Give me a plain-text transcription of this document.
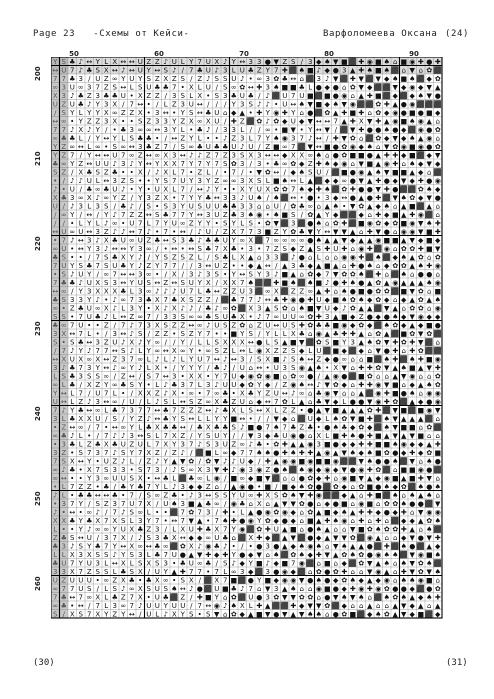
Page 23 -Схемы от Кейси-	Варфоломеева Оксана (24)
50	60	70	80	90
200
210
220
230
240
250
260
Y S ♣ ♪ ↔ Y L X ↔ ↔ U Z Z ♪ U L Y 7 U X ♪ Y ↔ 3 3 ● ▼ Z S / 3 ◆ ♠ ▼ ■ ⬛ ✚ ◉ ■ ♠ ⌂ ■ ◉ ✚ ● ✚
↔ U 7 ♪ ♣ S X ↔ ♪ ↔ U Y ↔ S ♪ / 7 ♣ U ♪ 3 L U ♣ Z Y 7 ✚ ⬛ ♠ ■ ♪ ◆ ● 3 ▲ ✚ ♠ ■ ♠ ⬛ ⌂ ▼ ⌂ ✿ ⬛
7 7 ♣ 3 / U Z ∞ Y U Y S Z X Z S / Z ♪ S S U ♪ • ∞ 3 ✿ ♣ ↔ ⌂ ⬛ 3 ♪ ▼ ⬛ ✚ ▼ ⬛ ▼ ◆ ♠ ■ ♠ ⬛ ◆ ✿
∞ 3 U ∞ 3 7 Z S ↔ L S U ♣ ♣ 7 • X L U / S ∞ ✿ ↔ ✚ 3 ♠ ■ ■ ♣ L ● ◆ ● ⌂ ✿ ▼ ◆ ⬛ ⬛ ▼ ◆ ◉ ◆ ▼ ▲
X 3 ♪ ♣ Z 3 ♣ ♣ U • X Z Z / 3 S L X • S 3 ♣ U ♣ / ♪ ⬛ U 7 U ■ ⬛ ■ ● ◉ ⌂ ▲ ✚ ■ ⬛ ◆ ⬛ ◆ ♠ ▼ ●
U Z U ♣ ♪ Y 3 X / 7 ↔ • / L Z 3 U ↔ / / / Y 3 S ♪ ♪ • U ↔ ♠ ▼ ■ ◆ ♠ ▼ ◉ ⬛ ⬛ ✿ ✚ ▲ ● ◉ ⬛ ⬛ ⬛
/ S Y L Y Y X ∞ Z Z X • 3 ↔ • Y S ↔ ♣ U ⌂ ◆ ▲ • ✚ Y ◉ ✚ Y ⌂ ● ⬛ ✿ ▲ ✚ ■ ✚ ⌂ ✿ ◆ ◉ ● ■ ● ■ ◆
↔ ∞ • Y Z Z 3 X • • S Z 3 3 Y Z X ∞ X U / ✚ Z ⬛ ✿ ♪ ✿ ◆ U ◆ ▼ ↔ ↔ 7 ▲ ✚ X ▼ ✚ ▲ ◉ ■ ♠ ◉ ▲ ⌂
7 7 ♪ X ♪ Y / • ♣ 3 ∞ ∞ ↔ 3 Y L • ♣ ♪ / 3 3 L / / ∞ • ■ ▼ • Y ↔ ▼ / ⬛ ▼ ✚ ● ● ♠ ● ◆ ⬛ ◉ ● ✿
∞ ♣ ♣ L / Y ↔ Y L S ♣ ♣ • / ↔ Z Y L • • ♪ Z 3 L 7 Y ♠ ◉ 3 7 ♪ ↔ / ✚ ▼ ✿ ⌂ ⬛ ✿ ◆ ▼ ◆ ♠ ▲ ◉ ⌂
Y Z ∞ ↔ L ∞ • S ∞ ↔ 3 ♣ Z 7 / S ∞ ♣ U ♣ ♣ U ♪ U / Z ■ ∞ 7 ⬛ ▼ ↔ ■ ● ✿ ◉ ◆ ♠ ⌂ ▼ ✿ ◉ ■ ◉ ● ✿
Y Z 7 / Y ↔ ↔ U 7 ∞ Z ↔ ∞ X 3 ↔ ♪ ♪ Z 7 Z 3 S X 3 ↔ ↔ ◆ X X ∞ ♠ ⌂ ● ✿ ■ ■ ● ▲ ✚ ✚ ◆ ■ ⬛ ◆ ▼
♣ ∞ Y Z ↔ U U ♪ 3 ♪ Y ↔ Y X X 7 Y 7 Y 7 S ✿ 3 / 3 • ♣ ∞ ✿ ◆ Z ✚ ♠ ◆ ◉ ⌂ ▼ ■ ▲ ◉ ✚ ⌂ ♠ ◆ ▼ ◆
S Z / X ♣ S Z ♣ • • X / ♪ X L 7 • Z L / • 7 / • ▼ ✿ ↔ / ◆ ♠ S U / ⬛ ■ ● ◉ ▲ ♠ ▼ ■ ■ ▲ ◆ ⌂ ⬛
• / ♪ ♪ U L ↔ 3 Z S • • Y S 7 U Y 3 Y Z ∞ ∞ 3 X S L ■ ♠ ↔ L ▲ ⬛ ◆ ◆ ∞ ● ▼ ▲ ✚ ● ◆ ▼ ◆ ✚ ● ◉
♪ • U / ♣ ∞ ♣ U ♪ • Y • U X L 7 / ↔ ♪ Y • • X Y U X ✿ ✿ 7 ♠ ◆ ✚ ♠ ⬛ ✿ ✚ ● ● ▼ ✚ ● ⬛ ⬛ ✿ ♠ ◆
X ♣ 3 ∞ X ♪ ∞ Y Z / Y 3 Z X • 7 Y Y ♣ ↔ 3 3 ♪ U ♠ / ♠ ⬛ ↔ • ● • 3 ◆ ↔ ● ▲ ● ✚ ⬛ ▼ ♠ ✿ ◆ ▼ ●
U / ♪ 3 L 3 S / ♣ ♪ / S • S 3 Y U S U U ♣ ♣ 3 3 ⌂ ⌂ U / ✿ ♣ ∞ ⌂ ▲ ♠ • ▼ ✿ ▲ ◆ ♠ ⌂ ▲ ■ ⬛ ▲ ⌂
/ ∞ Y / ↔ / Y ♪ 7 Z Z ↔ S ♣ 7 7 Y ↔ 3 U Z ♣ 3 ♠ ◉ • ♠ ■ S / ✿ ▲ Y ◆ ⬛ ⬛ ◆ ⌂ ✚ ◆ ■ ▲ ✚ ◉ ⬛ ⌂
/ / • L Y L ♪ ∞ • U 7 L 7 Y U ∞ Z Y Y • S Y L S • ✿ ▼ ⬛ 3 ⬛ ● ♠ ⌂ ✿ ✚ ⬛ ■ ◉ ✿ ◆ ✿ ■ ◉ ▼ ♠ ✚
↔ U ∞ U ↔ 3 Z ♪ ♪ ↔ 7 ♪ • 7 • ↔ / ♪ U / Z X 7 7 3 ■ Z Y ✿ ♣ ▼ Y ↔ ▼ ▼ ▲ ⌂ ✚ ▼ ● ⌂ ◉ ◉ ▼ ■ ✚
• 7 ♪ ↔ 3 ♪ X ♣ U ∞ U Z ♣ ↔ S 3 ♣ ♪ ♣ ♣ U Y ∞ X ⬛ 7 ∞ ∞ ∞ ∞ ● ♠ ▲ ▲ ▼ ◆ ▲ ▲ ◉ ■ ■ ▲ ▼ ◆ ■ ◆
∞ U • ↔ Y 3 ♪ ↔ ↔ Y 3 ∞ / • ↔ • ↔ S ♣ 7 X ♣ • 3 • 7 Z S ◆ Z ▲ S ✚ U ✚ ⌂ ◉ ✚ ⬛ ◉ ⌂ ✿ ✿ ✚ ■ ▼
♣ S • • / 7 S ♣ X Y ♪ / Y S Z S Z L / S ♣ L X ▲ ⌂ 3 3 ⬛ ♪ ● ⌂ L ⌂ ⌂ ◉ ◉ ✚ ⬛ ♠ ⬛ ◆ ♠ ▲ ✿ ⌂ ✿
7 U Y S ♣ 7 S U ♣ Y ♪ Z Y 7 7 / / 3 ↔ U Z • • ◆ ▲ ↔ / ▲ 3 ♣ ◆ ▲ ■ ▲ ⌂ ✚ ● ♠ ⌂ ◆ ✿ ✿ ▲ ♠ ✚ ◉
• S ♪ U Y / ∞ 7 ↔ ↔ 3 ∞ • / X / 3 ♪ 3 S • Y ↔ S Y 3 ♪ ■ ▲ ⌂ ✿ ◆ 7 ▼ ✿ ✿ ♠ ⬛ ✚ ⌂ ⬛ ♠ ⌂ ● ● ⌂
7 ♣ ♣ ♪ U X S 3 ↔ Y U S ↔ Z ↔ S U Y X / X X 7 ♠ ⬛ ⬛ ✚ ■ ♠ ⬛ ♠ ■ ♪ ● ✚ ♠ ● ▲ ✿ ▲ ◉ ▲ ▲ ▲ ♠ ◉
↔ ∞ / Y 3 X X X ♣ L 3 ∞ ♪ ♪ ♪ U 7 L ♣ ↔ Z Z U 3 ⬛ ∞ X ⬛ Z Z ∞ ▲ ✚ ⌂ ♠ ● ■ ● ✿ ✿ ⬛ ■ ▼ ✿ ⌂ ■
♣ S 3 3 Y ♪ • ♪ ∞ 7 3 ♣ X 7 ♣ X S Z Z / ⬛ ♣ 7 7 ♪ ↔ ♣ ✚ ◉ ● ✚ U ◆ ■ ♠ ✿ ♠ ◆ ✿ ◆ ⌂ ◆ ▲ ✿ ▲ ♠
∞ • Z ♣ U ∞ X ♪ L 3 Y • X ♪ X ♪ ♪ / ♣ ♪ ∞ ✿ ⬛ X 3 ▲ S ✿ ⌂ ♠ ■ ▼ U ◆ ♪ ✿ ▲ ▲ ⬛ ▼ ▲ ⌂ ✿ ✿ ⌂ ◉
S S • 7 U ♣ ♪ L ↔ Z ∞ 7 / 3 3 S ∞ ∞ ♣ S U ♣ X • ♪ 7 ∞ U U ∞ ✿ ✚ 3 ▲ ■ ◆ Z ● ◆ ● ♠ ◆ ▼ ◉ ◆ ◆
♣ ∞ 7 U • • Z / 7 ♪ 7 3 X S Z Z ↔ ∞ ♪ U S Z ✿ ⌂ Z U ↔ U S ✚ ✿ ♣ ♣ ■ ◉ ◆ ✿ ◆ ⬛ ♠ ✿ ◆ ▲ ◆ ■ ●
3 X ↔ 7 L • / 3 ↔ ♪ S / Z Z • S Z Y 7 • • ■ Y S / Y L L X ♣ ⌂ ◉ ▲ ♣ ✚ ✚ ▲ ⌂ ✿ ▲ ⬛ ■ ✿ ▼ ✿ ⬛
S • S ♣ ↔ 3 Z U ♪ X ♪ Y ∞ / / Y / L L S X X X ↔ ● L S ▲ ■ ▼ ⬛ ✿ S ■ Y 3 ▲ ♠ ✿ ▼ ✚ ✿ ✚ ▼ ⬛ ⌂
/ 7 ♪ Y ♪ 7 7 ↔ S ♪ L Y ∞ ↔ X ∞ Y • ∞ S Z L ↔ L ◉ X Z Z S ◆ L U ⬛ ■ ◆ ⬛ ◆ ⌂ ▼ ● ✚ ⌂ ✚ ✿ ⬛ ⬛
↔ X U X ∞ X ↔ Z 3 7 ∞ L ♪ L ♪ L Y U 7 ↔ ♪ ↔ 3 / S X ■ ♪ S ♠ ↔ Z ◆ ● ∞ ⌂ ⌂ ■ ⬛ ♠ ✚ ⬛ ♠ ✚ ■ ◉
3 ♪ ♣ 7 3 Y ↔ ♪ ∞ Y ♪ L X • / Y Y Y / ♣ ♪ / U ⌂ ↔ • U 3 S ◉ ▲ ♠ • X ▼ ⌂ ✚ ✚ ✿ ▼ ▲ ♠ ■ ▲ ▼ ✚
L S ♣ 3 S S ∞ / Z ↔ / S 7 ↔ 3 • X X • Y 7 U ◆ ◉ ✿ ◉ ■ ⌂ ✿ ∞ ● / ▲ ◉ ● ⬛ ■ ✿ ⌂ ⌂ ▲ ▼ ◉ ⌂ ⌂ ✿
∞ L ♣ / X Z Y ∞ ♣ S Y • L ♪ ♣ 3 7 L 3 ♪ U U ◆ ✿ Y ◆ / Z ◉ ♠ ↔ ♪ ▼ ✿ ◆ ⌂ ✚ ✚ ◉ ▼ ■ ⌂ ◆ ▲ ♠ ✿
Y ↔ L 7 / U 7 L • / X X Z ♪ X • ∞ • 7 ∞ ♣ • X ♣ Y Z U ↔ ♪ ∞ ⌂ ♣ ◉ ▼ ⌂ ⌂ ▲ ⬛ ◉ ✚ ■ ● ♠ ⌂ ◉ ◉
U ↔ L Z ♪ 3 ↔ ∞ / U / L ♪ S L ↔ S Z ∞ X ♣ Z U ⌂ ◆ ↔ 7 ✿ L ▲ ⌂ ♣ ▼ ◆ L ● ● ▼ ◉ ✚ ✿ ⬛ ▲ ◆ ● ◉
7 ♪ Y ♣ ↔ ∞ L ♣ 7 3 7 7 ↔ ♣ 7 Z Z Z ↔ ♪ ♣ X L S ↔ X L Z Z • ● ▲ ▼ ■ ▲ ▲ ▲ ✿ ✚ ⬛ ▼ ■ ⬛ ■ ◉ ▼
3 L ♣ X X U / S / Y Z ♪ ↔ ♣ Y S ↔ L L Y Y ■ ↔ • / / ▼ ◆ ⌂ ⬛ U ◆ L ♠ ✿ ▼ ■ ✚ ⬛ ♠ ▼ ▲ ▲ ▲ ⬛ ⌂
• Z ↔ ∞ / 7 • ↔ ∞ Y L ♣ X ♣ ♣ ↔ / ♣ X ♣ ♣ S ♪ ■ ● 7 ♠ 7 ♣ Z ♣ • ● ♠ ♣ ◆ ✿ ◆ ⬛ ♠ ▼ ■ ■ ⌂ ✿ ⬛
∞ ♣ ♪ L • / 7 ♪ ♪ 3 ↔ S L 7 X Z / Y S U Y / / ▼ 3 ◆ ♣ U ◉ ● ⌂ X L ■ ✚ ♠ ● ✚ ■ ▲ ▼ ▲ ▼ ■ ⌂ ⌂
• 3 ♣ L Z ♣ X ♣ U Z U L 7 X Y 3 7 ♪ S 3 U Z ∞ ♪ ♣ • ✿ ✚ ▲ ▲ ◉ 3 ■ ● ◆ ◆ ✚ ✚ ■ ■ ♠ ◉ ◆ ◆ ▲ ✚
3 Z • S 7 3 7 ♪ S Y 7 X Z / Z ♪ / ⬛ ■ L ∞ ◆ 7 7 ♠ ♠ ● ✚ ♠ ✚ ✚ ▲ ◉ ▲ ▼ ♠ ◆ ♠ ■ ✿ ● ◆ ✚ ◆ ✿ ■
7 S X ↔ Y • U Z ♪ L / Z ♪ Y ▲ ▼ ✿ / ✿ ▼ ♪ ♪ U ◆ / ✚ ▲ ◉ ◉ ■ ◉ ■ ■ ◉ ⬛ ⬛ ▼ ♠ ● ● ♠ ⬛ ▼ ⌂ ♠ ●
∞ ♪ ♣ • X 7 S 3 3 • S 7 3 / ♪ S ∞ X 3 ▼ ✚ ♪ ◉ 3 ◉ Z ● ♠ ⬛ ♠ ◉ ◆ ◉ ◆ ▼ ● ◉ ✚ ✿ ⬛ ⌂ ■ ■ ◉ ● ⬛
∞ ↔ • • Y 3 ∞ U U S X • ↔ ♣ L ⬛ ♣ ∞ L ◉ / ■ ∞ ◆ ■ ▼ ⬛ ⌂ ⌂ ● ✿ ◆ ✚ ⌂ ◉ ■ ▼ ▲ ◆ ◉ ■ ▲ ■ ✚ ▼ ⌂
• L 7 Z Z • ♣ / ♣ Y ♣ 7 Y L ♪ 3 ◆ ◆ Z ⌂ / ▲ ◉ ● • ■ / ■ ◆ ♠ ✿ ● ⬛ ✿ ◆ ⌂ ✿ ■ ● ♠ ◆ ✿ ⬛ ♠ ● ♠
♪ L • ♣ ♣ ↔ ↔ ♣ • 7 / S ∞ Z ♣ • ♪ 3 ↔ S S Y U ∞ ✚ X S ✿ ♠ ▼ ✚ ◉ ⬛ ⬛ ◆ ▲ ⌂ ✚ ■ ⬛ ♠ ⌂ ♠ ▲ ♠ ⌂
• 3 7 Y / S Z 3 7 U 7 X / U ♠ 3 ■ ▲ ♣ ∞ / ◉ ♣ ⌂ X ⌂ ▲ ▼ ▼ ✿ ● ⌂ ◆ ● ■ ⌂ ◉ ■ ⌂ ✿ ✿ ♠ ● ● ⬛ ▼
♪ • ↔ • ∞ ♪ / 7 ♪ S ∞ L • • ⬛ 7 ✿ 7 3 / ✚ • L ▲ ● ◉ ✿ ◉ ◆ ⌂ ✿ ▲ ■ ◆ ♠ ▲ ✚ ✚ ◆ ● ◆ ✚ ⌂ ▼ ◉ ◉
X X ♣ Y ♣ X 7 X S L 3 Y 7 • ↔ 7 ▼ ▲ • 7 ♠ ✚ ● ◉ Y ✿ ◆ ● ◆ ⌂ ■ ▲ ✚ ♠ ◉ ⌂ ✚ ⌂ ✚ ⌂ ⬛ ◆ ◆ ▲ ✿ ♠
L • • Y ♪ ∞ ∞ Y U X ♣ Z 3 / L X U ✚ ♣ X 7 Y ◉ ⬛ ✿ ✚ U ▲ ■ ⌂ ● ♠ ▲ ⌂ ⌂ ▼ ■ ✿ ♠ ✿ ✿ ✚ ▲ ⌂ ♠ ⬛
Z ♣ S ↔ U / 3 7 X / ♪ S 3 ♣ X ↔ ◆ ◆ ∞ U ♣ ⌂ ⬛ X ✚ ◆ ⬛ ▲ ▼ ⬛ ● ◆ ▲ ▼ ▼ ✿ ⬛ ◉ ▲ ⌂ ⌂ ◆ ▼ ● ▼ ✚
♣ 3 ♪ S Y ♣ 7 Y ↔ X ∞ ↔ ♣ ∞ ⬛ ✿ X ♪ ◉ ♣ ♪ • / • ● 3 ● ▲ ◆ ♠ ◉ ♠ ⌂ ▼ ♠ ▲ ▲ ● ⬛ ✚ ⬛ ♠ ● ⬛ ▲ ◆
L L X 3 X S S ♪ Y S 3 L ♣ 7 U ● ▲ ▼ ✚ ◆ ✚ Y ● ◆ ▼ ⌂ ♠ ⬛ ✿ ♠ ◆ ✚ ▼ ▲ ✿ ♠ ✿ ● ◉ ♠ ♠ ⬛ ▼ ◉ ■ ♠
♣ U 7 Y U 3 L ↔ X L S X S 3 • ♣ U ∞ ♣ / S ♪ ◆ Y ■ ♪ ◆ ■ 7 ◉ ⬛ ⌂ ■ ⌂ ◆ ⬛ ✿ ▼ ▲ ♠ ⌂ ♠ ▼ ✿ ♠ ⬛
3 3 X 7 Z S S L ♣ S X / U Y ▲ ✚ 7 7 • 7 L ∞ 3 ◆ ⬛ 3 ● ◉ ◆ ⬛ ⌂ ✿ ● ✿ ✚ ⌂ ⌂ ▼ ◉ ▲ ⌂ ✚ ▼ ✿ ▼ ♠
U Z U U U • ∞ Z X ♣ • ♣ X ∞ • S X / ⬛ X 7 ■ ⬛ ● Y ■ ◆ ◉ ◉ ▼ ● ♠ ● ◆ ✿ ♠ ◆ ▲ ◆ ◉ ⌂ ♠ ♠ ◉ ■ ⌂
∞ 7 7 U S / L S ♪ ∞ X S U S ♠ ↔ ♪ ● ⬛ U ■ ♣ ♪ 7 ⌂ ▼ 3 ▲ ♠ ⌂ ⌂ ◉ ■ ● ◆ ✚ ◉ ✚ ◉ ✿ ● ● ◆ ⬛ ● ✿
7 ♣ ↔ 7 ∞ X L ♣ Z 7 X • U ♣ ⬛ Z / ✚ ■ Y ⌂ ✿ ⬛ U ● 3 ✿ ▼ ▼ ✿ ✿ ⌂ ● ▼ ♠ ▼ ♠ ⌂ ⬛ ♠ ✿ ♠ ▲ ◆ ♠ ✚
∞ ♣ • ↔ / 7 L 3 ∞ 7 ♪ U U Y U U / 7 ↔ ◉ ♪ ♠ X L ✚ ▲ ⬛ ⬛ ✚ ◆ ▼ ▼ ✿ ⬛ ◆ ⌂ ⌂ ▲ ⌂ ⌂ ▲ ▼ ◆ ▲ ⌂ ▲
S / X S 7 X Y Z Y ↔ / U L ♪ X Y S • S ▼ ⌂ ✿ ◆ ▲ ■ ▼ ● ▼ ▲ ▼ ♠ ♠ ⌂ ● ✿ ■ ⬛ ◆ ♠ ✿ ▲ ▼ ◆ ■ ⬛ ◆
(30)	(31)
